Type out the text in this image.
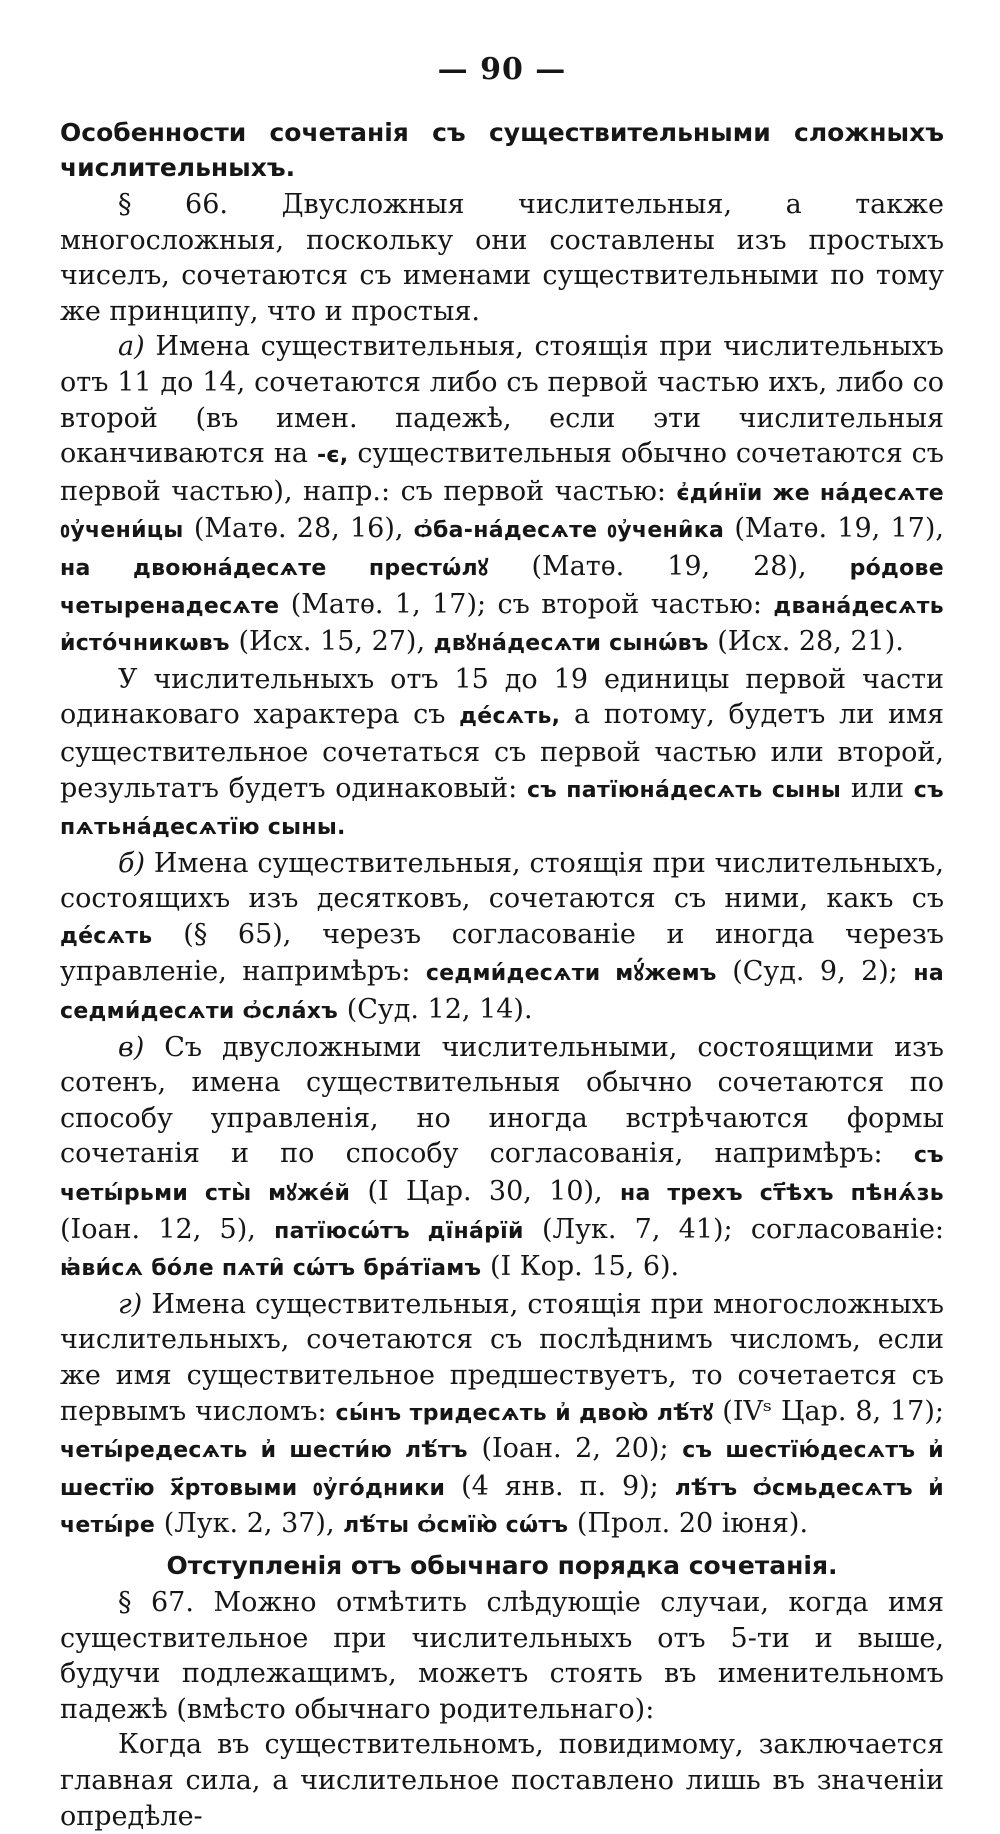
— 90 —
Особенности сочетанія съ существительными сложныхъ числительныхъ.

§ 66. Двусложныя числительныя, а также многосложныя, поскольку они составлены изъ простыхъ чиселъ, сочетаются съ именами существительными по тому же принципу, что и простыя.

а) Имена существительныя, стоящія при числительныхъ отъ 11 до 14, сочетаются либо съ первой частью ихъ, либо со второй (въ имен. падежѣ, если эти числительныя оканчиваются на -є, существительныя обычно сочетаются съ первой частью), напр.: съ первой частью: є҆ди́нїи же на́десѧте ᲂу҆чени́цы (Матѳ. 28, 16), ѻ҆ба-на́десѧте ᲂу҆чени̑ка (Матѳ. 19, 17), на двоюна́десѧте престѡ́лꙋ (Матѳ. 19, 28), ро́дове четыренадесѧте (Матѳ. 1, 17); съ второй частью: двана́десѧть и҆сто́чникѡвъ (Исх. 15, 27), двꙋна́десѧти сынѡ́въ (Исх. 28, 21).

У числительныхъ отъ 15 до 19 единицы первой части одинаковаго характера съ де́сѧть, а потому, будетъ ли имя существительное сочетаться съ первой частью или второй, результатъ будетъ одинаковый: съ патїюна́десѧть сыны или съ пѧтьна́десѧтїю сыны.

б) Имена существительныя, стоящія при числительныхъ, состоящихъ изъ десятковъ, сочетаются съ ними, какъ съ де́сѧть (§ 65), черезъ согласованіе и иногда черезъ управленіе, напримѣръ: седми́десѧти мꙋ́жемъ (Суд. 9, 2); на седми́десѧти ѻ҆сла́хъ (Суд. 12, 14).

в) Съ двусложными числительными, состоящими изъ сотенъ, имена существительныя обычно сочетаются по способу управленія, но иногда встрѣчаются формы сочетанія и по способу согласованія, напримѣръ: съ четы́рьми сты̀ мꙋже́й (I Цар. 30, 10), на трехъ ст҃ѣхъ пѣнѧ́зь (Іоан. 12, 5), патїюсѡ́тъ дїна́рїй (Лук. 7, 41); согласованіе: ꙗ҆ви́сѧ бо́ле пѧти̑ сѡ́тъ бра́тїамъ (I Кор. 15, 6).

г) Имена существительныя, стоящія при многосложныхъ числительныхъ, сочетаются съ послѣднимъ числомъ, если же имя существительное предшествуетъ, то сочетается съ первымъ числомъ: сы́нъ тридесѧть и҆ двою̀ лѣ́тꙋ (IVˢ Цар. 8, 17); четы́редесѧть и҆ шести́ю лѣ́тъ (Іоан. 2, 20); съ шестїю́десѧтъ и҆ шестїю х҃ртовыми ᲂу҆го́дники (4 янв. п. 9); лѣ́тъ ѻ҆смьдесѧтъ и҆ четы́ре (Лук. 2, 37), лѣ́ты ѻ҆смїю̀ сѡ́тъ (Прол. 20 іюня).

Отступленія отъ обычнаго порядка сочетанія.

§ 67. Можно отмѣтить слѣдующіе случаи, когда имя существительное при числительныхъ отъ 5-ти и выше, будучи подлежащимъ, можетъ стоять въ именительномъ падежѣ (вмѣсто обычнаго родительнаго):

Когда въ существительномъ, повидимому, заключается главная сила, а числительное поставлено лишь въ значеніи опредѣле-
